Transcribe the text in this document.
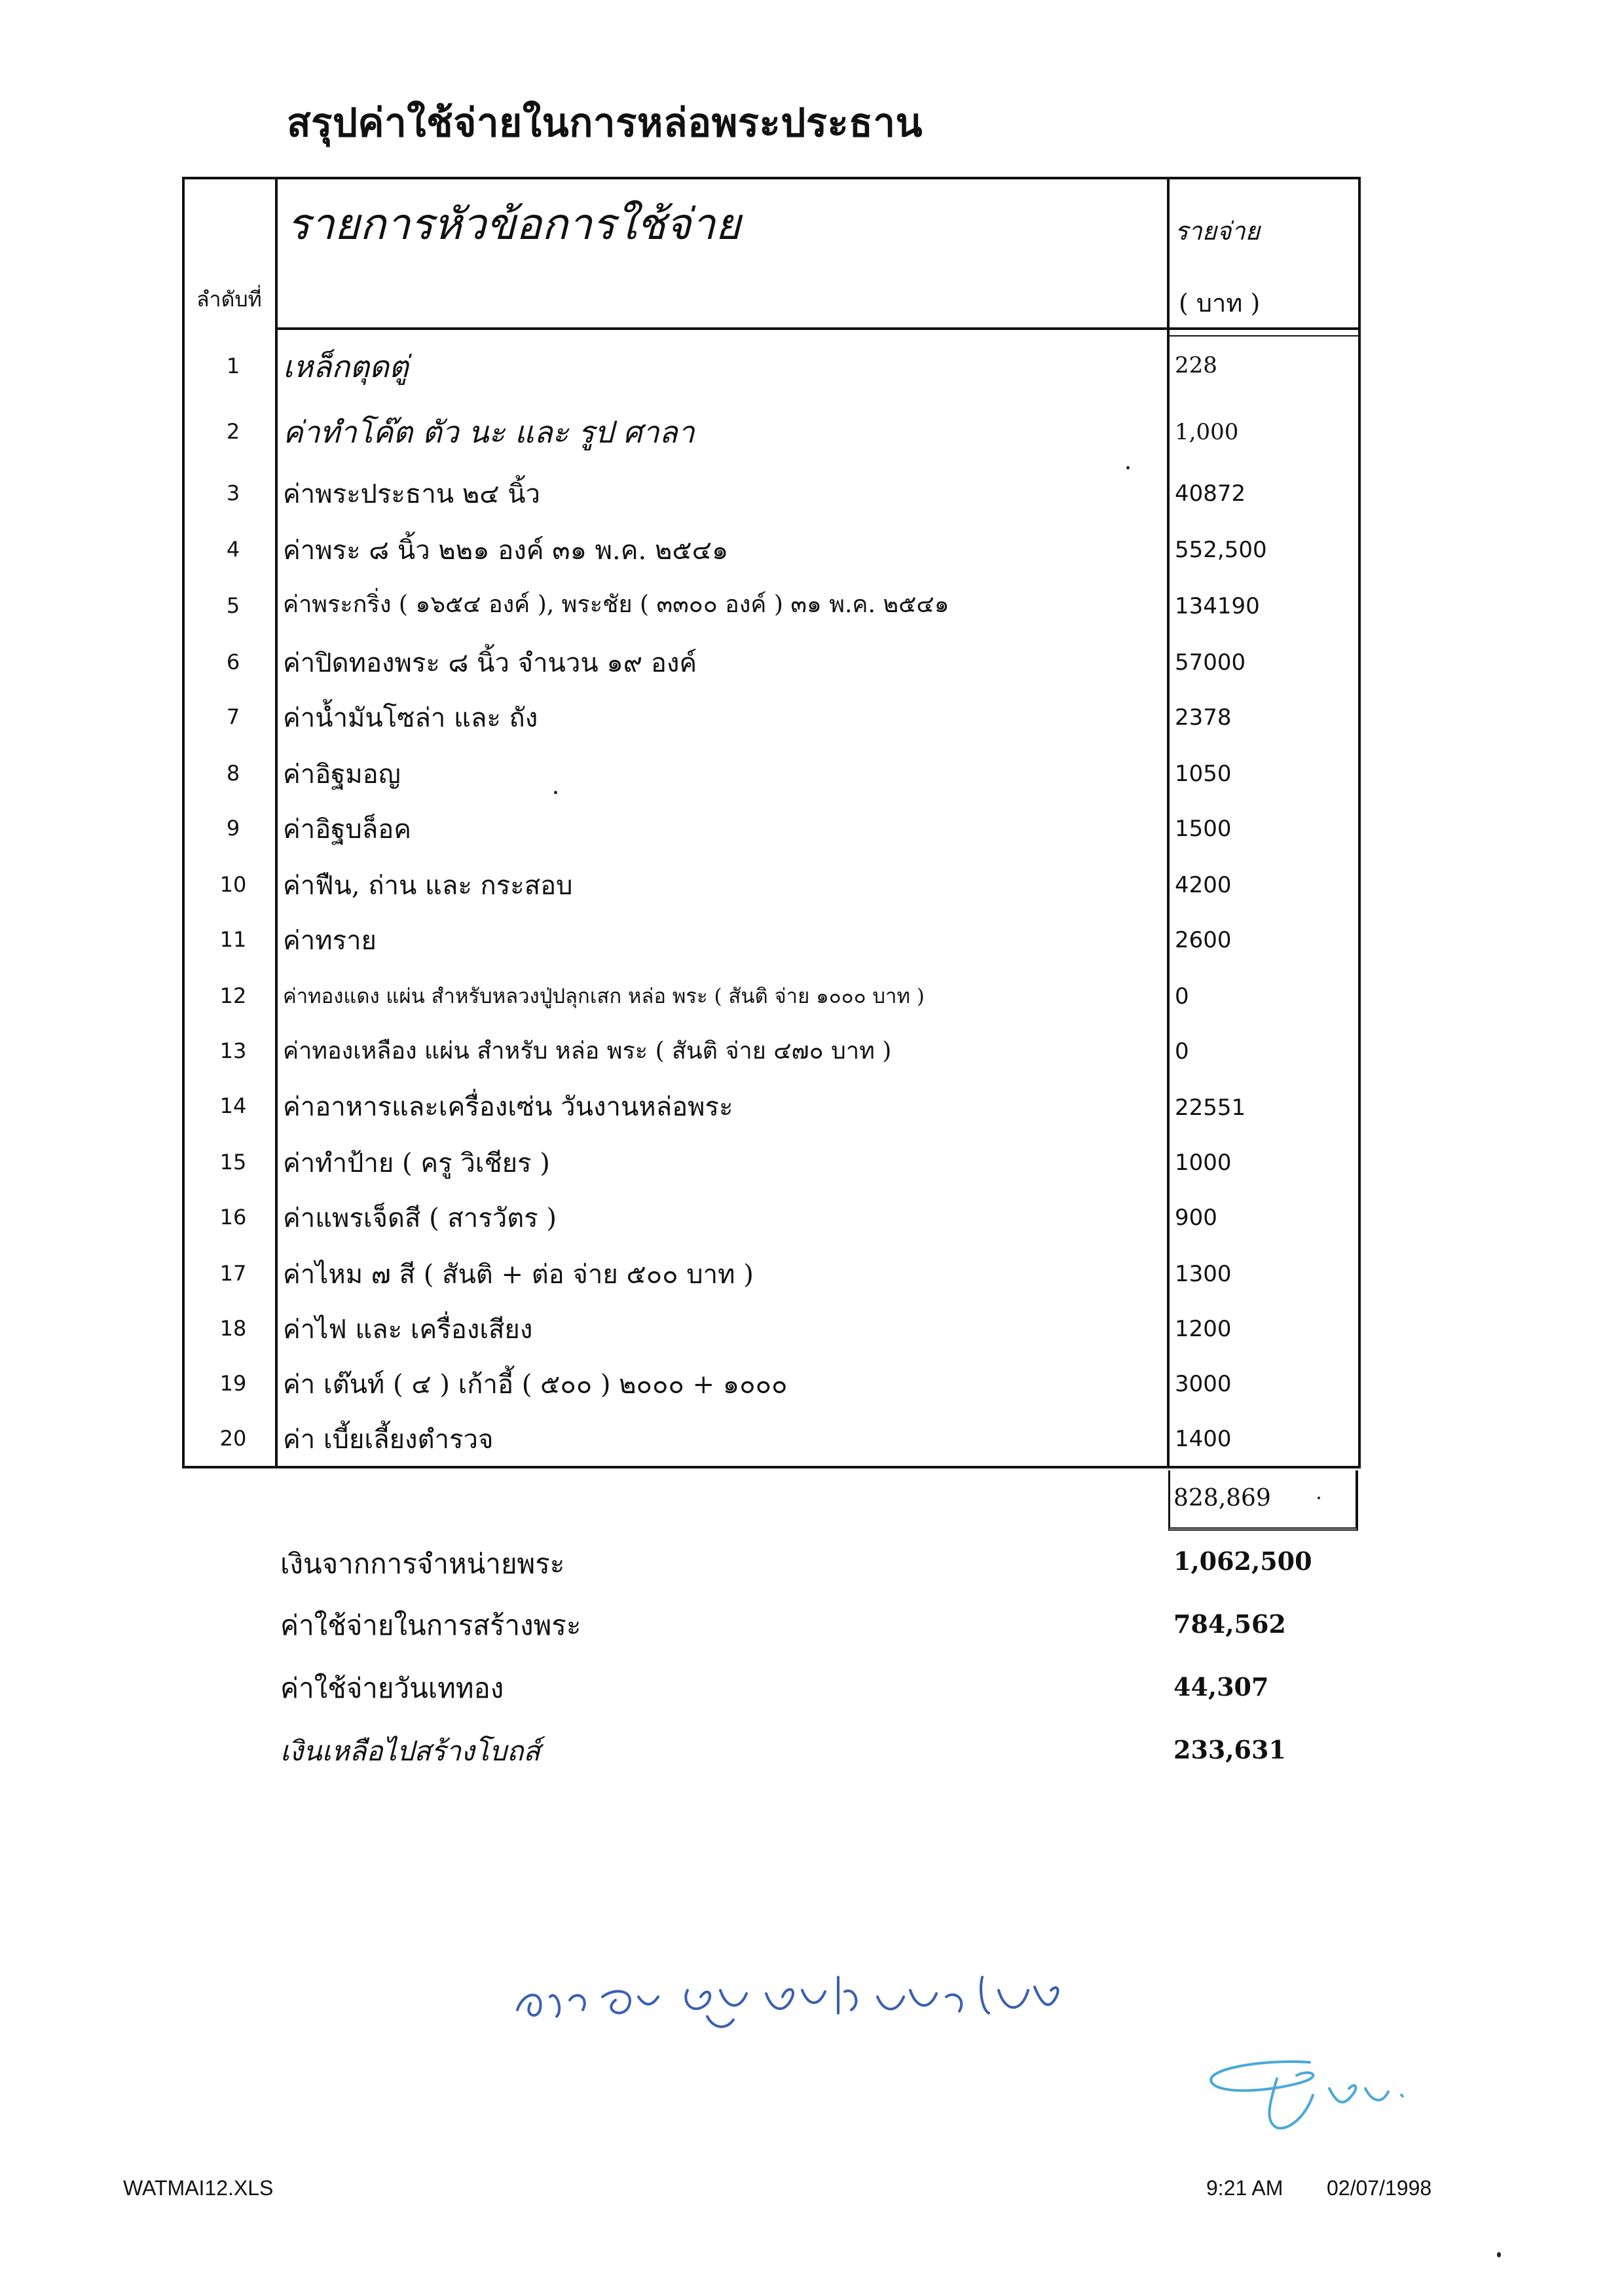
สรุปค่าใช้จ่ายในการหล่อพระประธาน
รายการหัวข้อการใช้จ่าย	รายจ่าย
( บาท )
ลำดับที่
1	เหล็กตุดตู่	228
2	ค่าทำโค๊ต ตัว นะ และ รูป ศาลา	1,000
3	ค่าพระประธาน ๒๔ นิ้ว	40872
4	ค่าพระ ๘ นิ้ว ๒๒๑ องค์ ๓๑ พ.ค. ๒๕๔๑	552,500
5	ค่าพระกริ่ง ( ๑๖๕๔ องค์ ), พระชัย ( ๓๓๐๐ องค์ ) ๓๑ พ.ค. ๒๕๔๑	134190
6	ค่าปิดทองพระ ๘ นิ้ว จำนวน ๑๙ องค์	57000
7	ค่าน้ำมันโซล่า และ ถัง	2378
8	ค่าอิฐมอญ	1050
9	ค่าอิฐบล็อค	1500
10	ค่าฟืน, ถ่าน และ กระสอบ	4200
11	ค่าทราย	2600
12	ค่าทองแดง แผ่น สำหรับหลวงปู่ปลุกเสก หล่อ พระ ( สันติ จ่าย ๑๐๐๐ บาท )	0
13	ค่าทองเหลือง แผ่น สำหรับ หล่อ พระ ( สันติ จ่าย ๔๗๐ บาท )	0
14	ค่าอาหารและเครื่องเซ่น วันงานหล่อพระ	22551
15	ค่าทำป้าย ( ครู วิเชียร )	1000
16	ค่าแพรเจ็ดสี ( สารวัตร )	900
17	ค่าไหม ๗ สี ( สันติ + ต่อ จ่าย ๕๐๐ บาท )	1300
18	ค่าไฟ และ เครื่องเสียง	1200
19	ค่า เต๊นท์ ( ๔ ) เก้าอี้ ( ๕๐๐ ) ๒๐๐๐ + ๑๐๐๐	3000
20	ค่า เบี้ยเลี้ยงตำรวจ	1400
828,869
เงินจากการจำหน่ายพระ	1,062,500
ค่าใช้จ่ายในการสร้างพระ	784,562
ค่าใช้จ่ายวันเททอง	44,307
เงินเหลือไปสร้างโบถส์	233,631
WATMAI12.XLS	9:21 AM 02/07/1998
